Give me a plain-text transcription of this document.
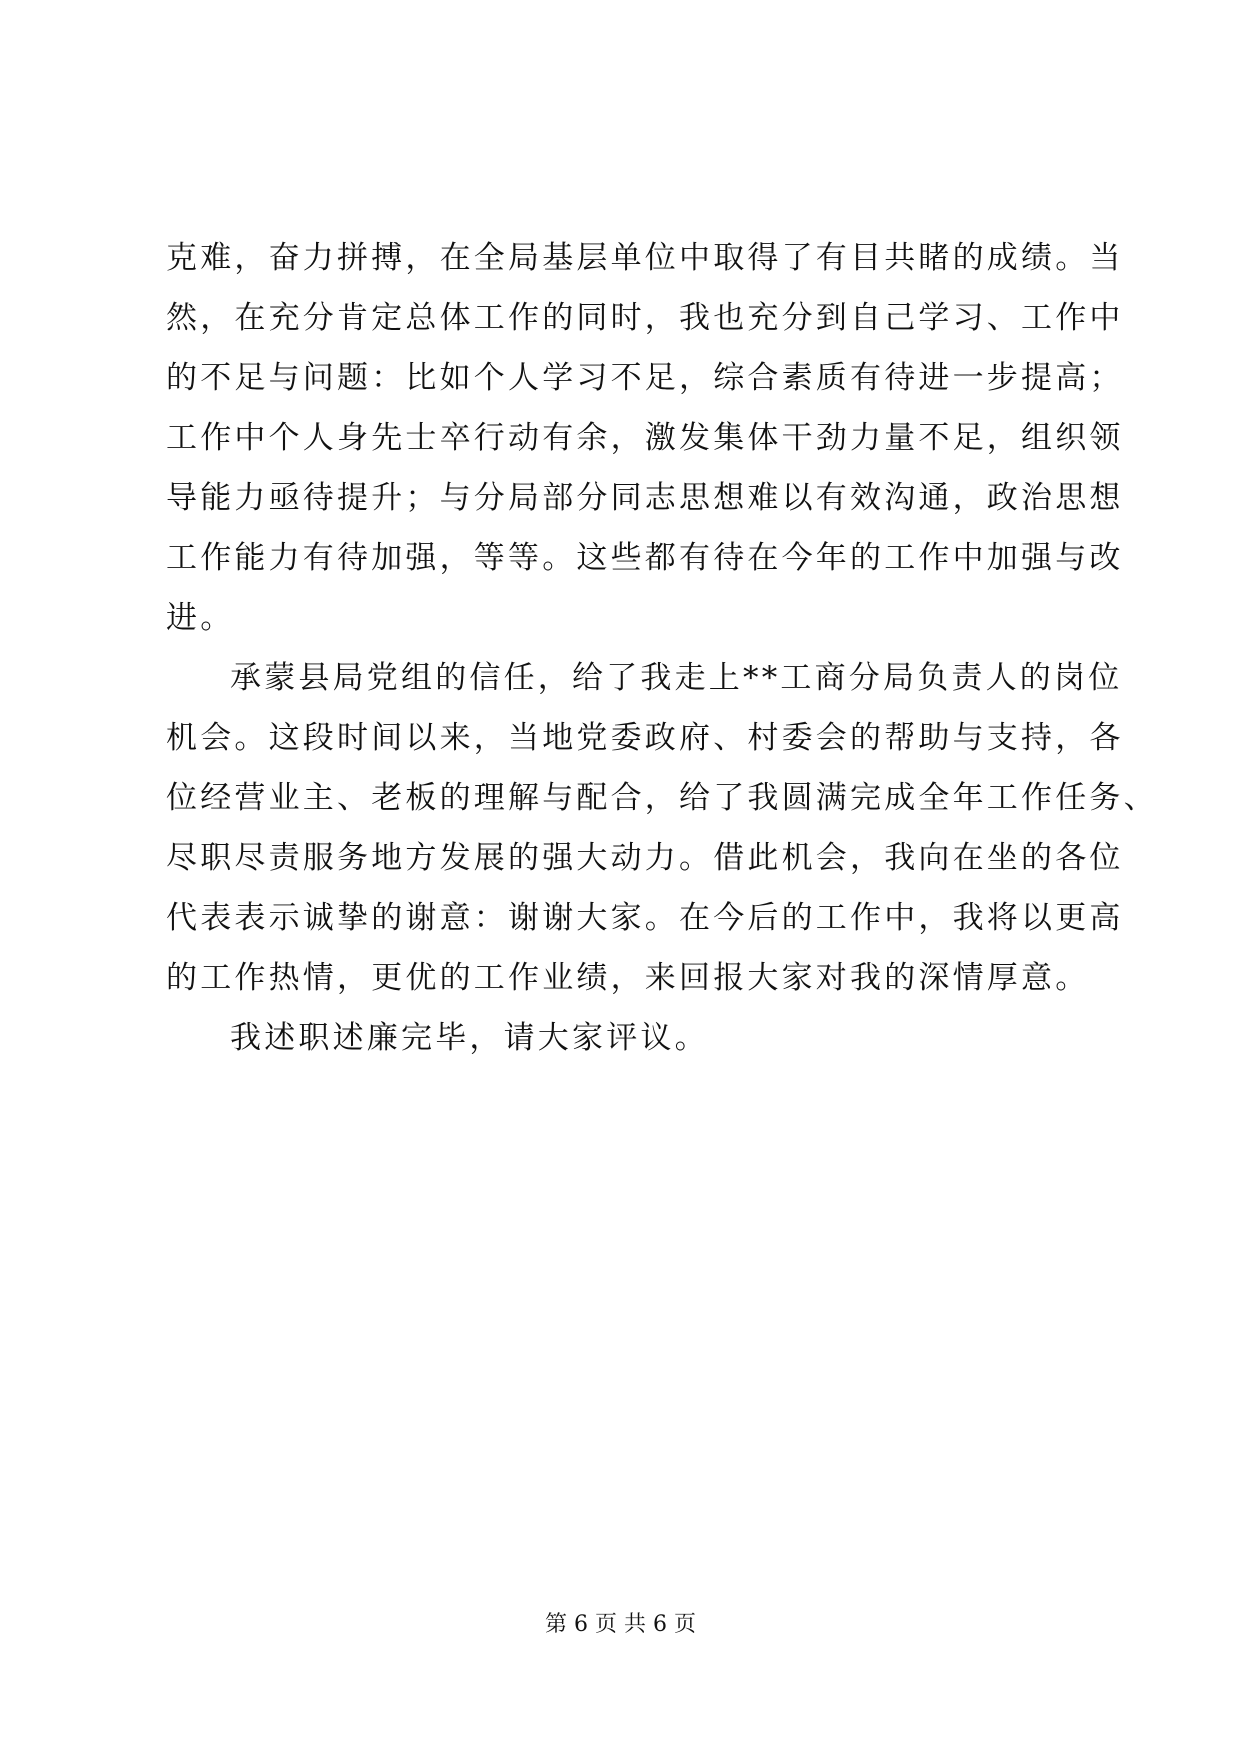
克难，奋力拼搏，在全局基层单位中取得了有目共睹的成绩。当
然，在充分肯定总体工作的同时，我也充分到自己学习、工作中
的不足与问题：比如个人学习不足，综合素质有待进一步提高；
工作中个人身先士卒行动有余，激发集体干劲力量不足，组织领
导能力亟待提升；与分局部分同志思想难以有效沟通，政治思想
工作能力有待加强，等等。这些都有待在今年的工作中加强与改
进。
承蒙县局党组的信任，给了我走上**工商分局负责人的岗位
机会。这段时间以来，当地党委政府、村委会的帮助与支持，各
位经营业主、老板的理解与配合，给了我圆满完成全年工作任务、
尽职尽责服务地方发展的强大动力。借此机会，我向在坐的各位
代表表示诚挚的谢意：谢谢大家。在今后的工作中，我将以更高
的工作热情，更优的工作业绩，来回报大家对我的深情厚意。
我述职述廉完毕，请大家评议。
第 6 页 共 6 页
